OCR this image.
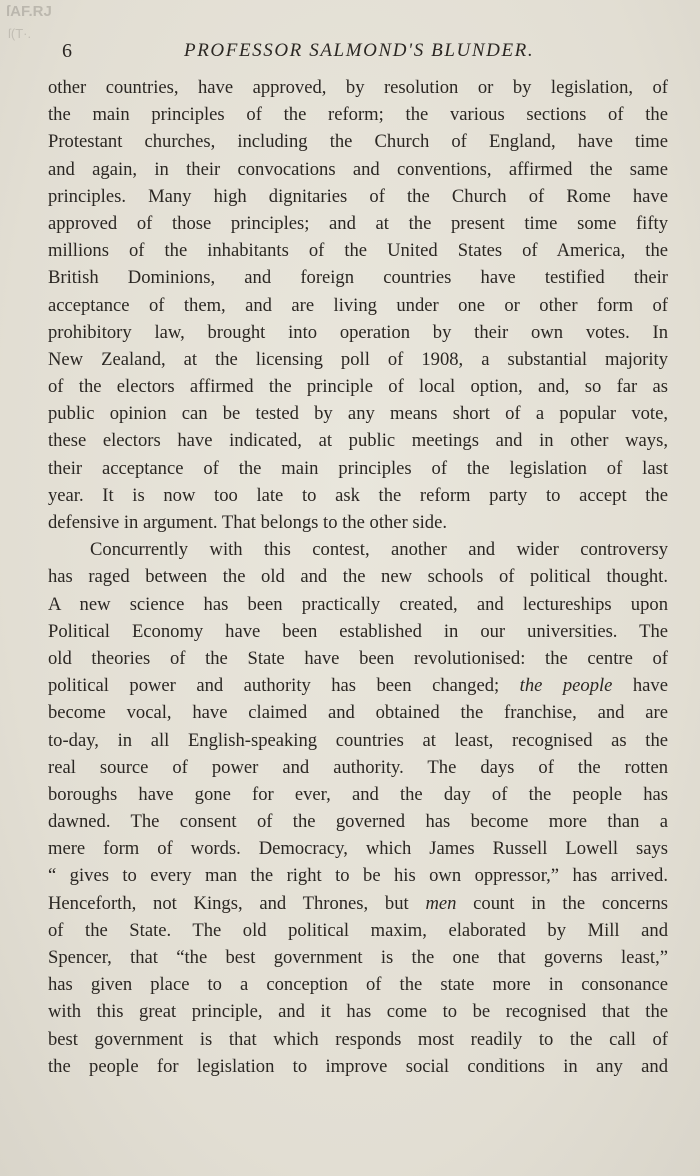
ſAF.RJ
ſ(T·.
6	PROFESSOR SALMOND'S BLUNDER.
other countries, have approved, by resolution or by legislation, of
the main principles of the reform; the various sections of the
Protestant churches, including the Church of England, have time
and again, in their convocations and conventions, affirmed the same
principles. Many high dignitaries of the Church of Rome have
approved of those principles; and at the present time some fifty
millions of the inhabitants of the United States of America, the
British Dominions, and foreign countries have testified their
acceptance of them, and are living under one or other form of
prohibitory law, brought into operation by their own votes. In
New Zealand, at the licensing poll of 1908, a substantial majority
of the electors affirmed the principle of local option, and, so far as
public opinion can be tested by any means short of a popular vote,
these electors have indicated, at public meetings and in other ways,
their acceptance of the main principles of the legislation of last
year. It is now too late to ask the reform party to accept the
defensive in argument. That belongs to the other side.
Concurrently with this contest, another and wider controversy
has raged between the old and the new schools of political thought.
A new science has been practically created, and lectureships upon
Political Economy have been established in our universities. The
old theories of the State have been revolutionised: the centre of
political power and authority has been changed; the people have
become vocal, have claimed and obtained the franchise, and are
to-day, in all English-speaking countries at least, recognised as the
real source of power and authority. The days of the rotten
boroughs have gone for ever, and the day of the people has
dawned. The consent of the governed has become more than a
mere form of words. Democracy, which James Russell Lowell says
“ gives to every man the right to be his own oppressor,” has arrived.
Henceforth, not Kings, and Thrones, but men count in the concerns
of the State. The old political maxim, elaborated by Mill and
Spencer, that “the best government is the one that governs least,”
has given place to a conception of the state more in consonance
with this great principle, and it has come to be recognised that the
best government is that which responds most readily to the call of
the people for legislation to improve social conditions in any and
